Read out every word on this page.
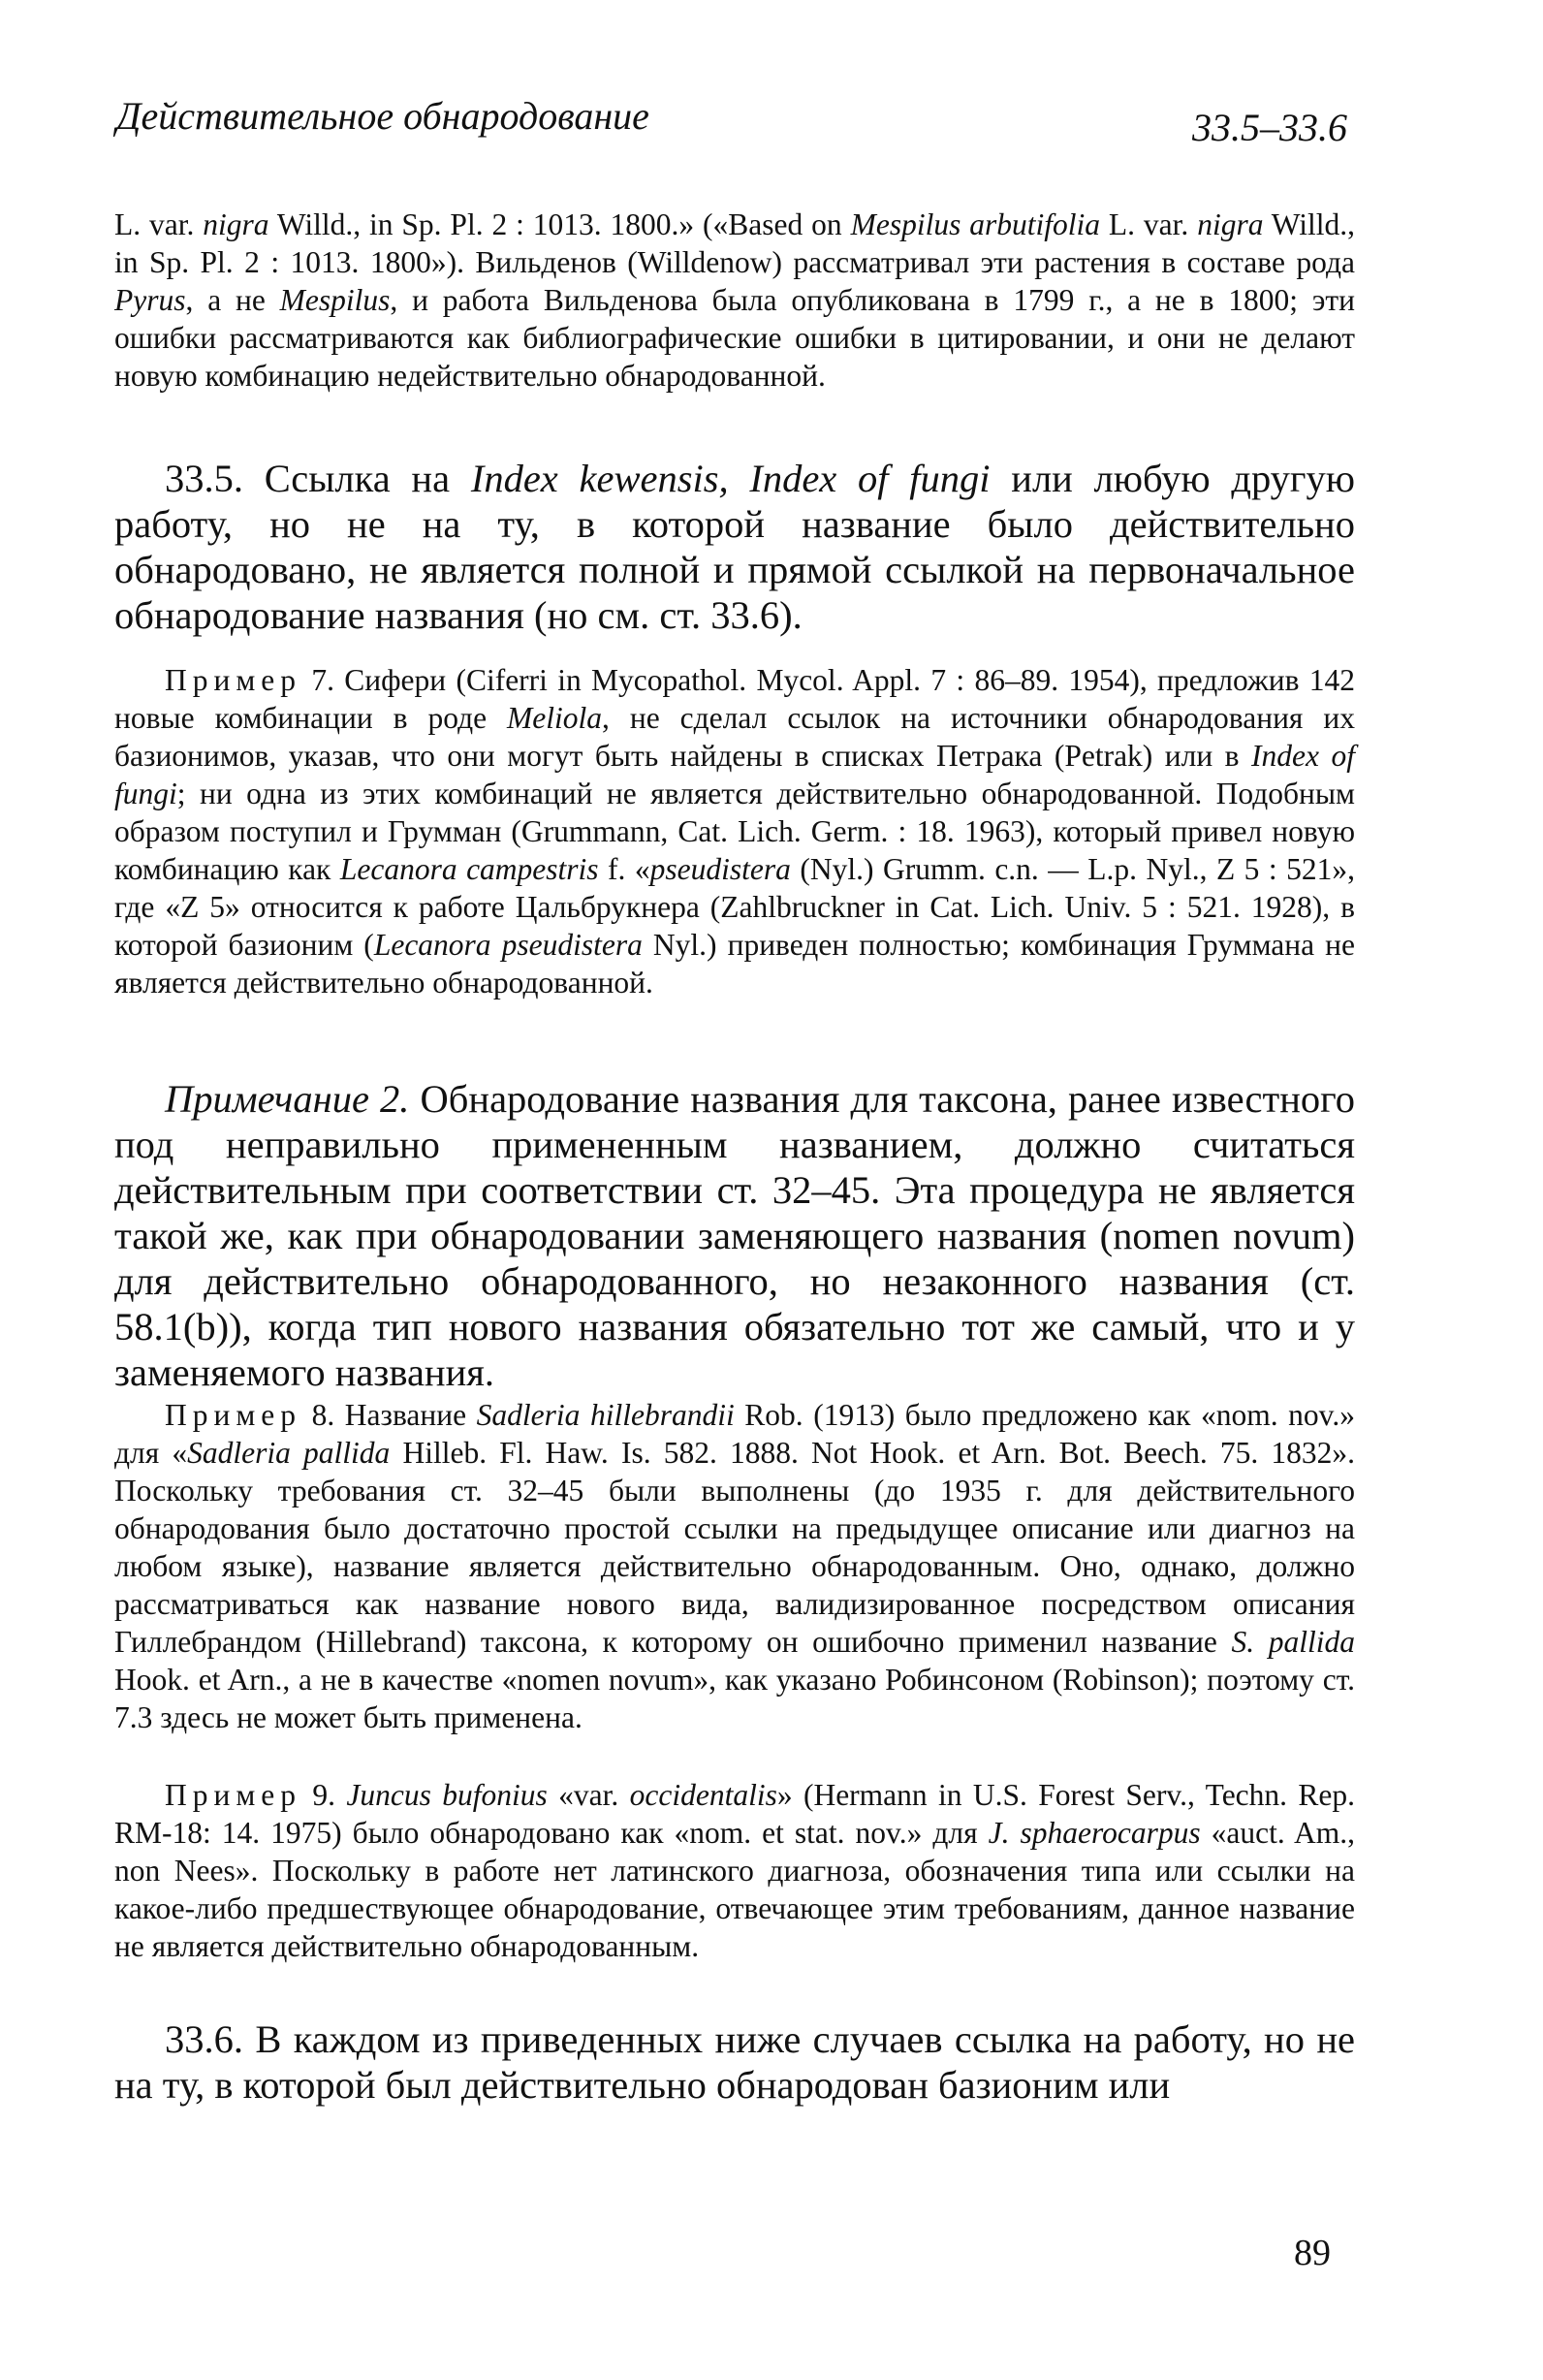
Действительное обнародование	33.5–33.6

L. var. nigra Willd., in Sp. Pl. 2 : 1013. 1800.» («Based on Mespilus arbutifolia L. var. nigra Willd., in Sp. Pl. 2 : 1013. 1800»). Вильденов (Willdenow) рассматривал эти растения в составе рода Pyrus, а не Mespilus, и работа Вильденова была опубликована в 1799 г., а не в 1800; эти ошибки рассматриваются как библиографические ошибки в цитировании, и они не делают новую комбинацию недействительно обнародованной.

33.5. Ссылка на Index kewensis, Index of fungi или любую другую работу, но не на ту, в которой название было действительно обнародовано, не является полной и прямой ссылкой на первоначальное обнародование названия (но см. ст. 33.6).

Пример 7. Сифери (Ciferri in Mycopathol. Mycol. Appl. 7 : 86–89. 1954), предложив 142 новые комбинации в роде Meliola, не сделал ссылок на источники обнародования их базионимов, указав, что они могут быть найдены в списках Петрака (Petrak) или в Index of fungi; ни одна из этих комбинаций не является действительно обнародованной. Подобным образом поступил и Грумман (Grummann, Cat. Lich. Germ. : 18. 1963), который привел новую комбинацию как Lecanora campestris f. «pseudistera (Nyl.) Grumm. c.n. — L.p. Nyl., Z 5 : 521», где «Z 5» относится к работе Цальбрукнера (Zahlbruckner in Cat. Lich. Univ. 5 : 521. 1928), в которой базионим (Lecanora pseudistera Nyl.) приведен полностью; комбинация Груммана не является действительно обнародованной.

Примечание 2. Обнародование названия для таксона, ранее известного под неправильно примененным названием, должно считаться действительным при соответствии ст. 32–45. Эта процедура не является такой же, как при обнародовании заменяющего названия (nomen novum) для действительно обнародованного, но незаконного названия (ст. 58.1(b)), когда тип нового названия обязательно тот же самый, что и у заменяемого названия.

Пример 8. Название Sadleria hillebrandii Rob. (1913) было предложено как «nom. nov.» для «Sadleria pallida Hilleb. Fl. Haw. Is. 582. 1888. Not Hook. et Arn. Bot. Beech. 75. 1832». Поскольку требования ст. 32–45 были выполнены (до 1935 г. для действительного обнародования было достаточно простой ссылки на предыдущее описание или диагноз на любом языке), название является действительно обнародованным. Оно, однако, должно рассматриваться как название нового вида, валидизированное посредством описания Гиллебрандом (Hillebrand) таксона, к которому он ошибочно применил название S. pallida Hook. et Arn., а не в качестве «nomen novum», как указано Робинсоном (Robinson); поэтому ст. 7.3 здесь не может быть применена.

Пример 9. Juncus bufonius «var. occidentalis» (Hermann in U.S. Forest Serv., Techn. Rep. RM-18: 14. 1975) было обнародовано как «nom. et stat. nov.» для J. sphaerocarpus «auct. Am., non Nees». Поскольку в работе нет латинского диагноза, обозначения типа или ссылки на какое-либо предшествующее обнародование, отвечающее этим требованиям, данное название не является действительно обнародованным.

33.6. В каждом из приведенных ниже случаев ссылка на работу, но не на ту, в которой был действительно обнародован базионим или

89
